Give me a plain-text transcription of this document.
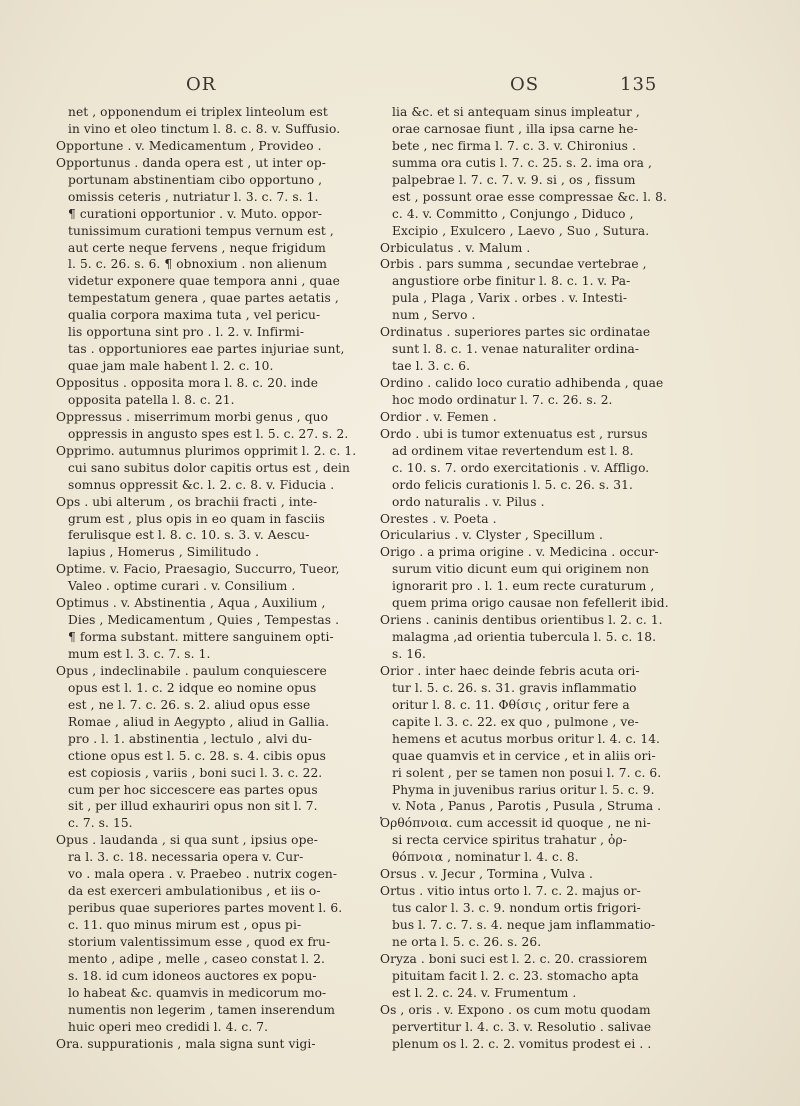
OR	OS	135
net , opponendum ei triplex linteolum est
in vino et oleo tinctum l. 8. c. 8. v. Suffusio.
Opportune . v. Medicamentum , Provideo .
Opportunus . danda opera est , ut inter op-
portunam abstinentiam cibo opportuno ,
omissis ceteris , nutriatur l. 3. c. 7. s. 1.
¶ curationi opportunior . v. Muto. oppor-
tunissimum curationi tempus vernum est ,
aut certe neque fervens , neque frigidum
l. 5. c. 26. s. 6. ¶ obnoxium . non alienum
videtur exponere quae tempora anni , quae
tempestatum genera , quae partes aetatis ,
qualia corpora maxima tuta , vel pericu-
lis opportuna sint pro . l. 2. v. Infirmi-
tas . opportuniores eae partes injuriae sunt,
quae jam male habent l. 2. c. 10.
Oppositus . opposita mora l. 8. c. 20. inde
opposita patella l. 8. c. 21.
Oppressus . miserrimum morbi genus , quo
oppressis in angusto spes est l. 5. c. 27. s. 2.
Opprimo. autumnus plurimos opprimit l. 2. c. 1.
cui sano subitus dolor capitis ortus est , dein
somnus oppressit &c. l. 2. c. 8. v. Fiducia .
Ops . ubi alterum , os brachii fracti , inte-
grum est , plus opis in eo quam in fasciis
ferulisque est l. 8. c. 10. s. 3. v. Aescu-
lapius , Homerus , Similitudo .
Optime. v. Facio, Praesagio, Succurro, Tueor,
Valeo . optime curari . v. Consilium .
Optimus . v. Abstinentia , Aqua , Auxilium ,
Dies , Medicamentum , Quies , Tempestas .
¶ forma substant. mittere sanguinem opti-
mum est l. 3. c. 7. s. 1.
Opus , indeclinabile . paulum conquiescere
opus est l. 1. c. 2 idque eo nomine opus
est , ne l. 7. c. 26. s. 2. aliud opus esse
Romae , aliud in Aegypto , aliud in Gallia.
pro . l. 1. abstinentia , lectulo , alvi du-
ctione opus est l. 5. c. 28. s. 4. cibis opus
est copiosis , variis , boni suci l. 3. c. 22.
cum per hoc siccescere eas partes opus
sit , per illud exhauriri opus non sit l. 7.
c. 7. s. 15.
Opus . laudanda , si qua sunt , ipsius ope-
ra l. 3. c. 18. necessaria opera v. Cur-
vo . mala opera . v. Praebeo . nutrix cogen-
da est exerceri ambulationibus , et iis o-
peribus quae superiores partes movent l. 6.
c. 11. quo minus mirum est , opus pi-
storium valentissimum esse , quod ex fru-
mento , adipe , melle , caseo constat l. 2.
s. 18. id cum idoneos auctores ex popu-
lo habeat &c. quamvis in medicorum mo-
numentis non legerim , tamen inserendum
huic operi meo credidi l. 4. c. 7.
Ora. suppurationis , mala signa sunt vigi-
lia &c. et si antequam sinus impleatur ,
orae carnosae fiunt , illa ipsa carne he-
bete , nec firma l. 7. c. 3. v. Chironius .
summa ora cutis l. 7. c. 25. s. 2. ima ora ,
palpebrae l. 7. c. 7. v. 9. si , os , fissum
est , possunt orae esse compressae &c. l. 8.
c. 4. v. Committo , Conjungo , Diduco ,
Excipio , Exulcero , Laevo , Suo , Sutura.
Orbiculatus . v. Malum .
Orbis . pars summa , secundae vertebrae ,
angustiore orbe finitur l. 8. c. 1. v. Pa-
pula , Plaga , Varix . orbes . v. Intesti-
num , Servo .
Ordinatus . superiores partes sic ordinatae
sunt l. 8. c. 1. venae naturaliter ordina-
tae l. 3. c. 6.
Ordino . calido loco curatio adhibenda , quae
hoc modo ordinatur l. 7. c. 26. s. 2.
Ordior . v. Femen .
Ordo . ubi is tumor extenuatus est , rursus
ad ordinem vitae revertendum est l. 8.
c. 10. s. 7. ordo exercitationis . v. Affligo.
ordo felicis curationis l. 5. c. 26. s. 31.
ordo naturalis . v. Pilus .
Orestes . v. Poeta .
Oricularius . v. Clyster , Specillum .
Origo . a prima origine . v. Medicina . occur-
surum vitio dicunt eum qui originem non
ignorarit pro . l. 1. eum recte curaturum ,
quem prima origo causae non fefellerit ibid.
Oriens . caninis dentibus orientibus l. 2. c. 1.
malagma ,ad orientia tubercula l. 5. c. 18.
s. 16.
Orior . inter haec deinde febris acuta ori-
tur l. 5. c. 26. s. 31. gravis inflammatio
oritur l. 8. c. 11. Φθίσις , oritur fere a
capite l. 3. c. 22. ex quo , pulmone , ve-
hemens et acutus morbus oritur l. 4. c. 14.
quae quamvis et in cervice , et in aliis ori-
ri solent , per se tamen non posui l. 7. c. 6.
Phyma in juvenibus rarius oritur l. 5. c. 9.
v. Nota , Panus , Parotis , Pusula , Struma .
Ὀρθόπνοια. cum accessit id quoque , ne ni-
si recta cervice spiritus trahatur , ὀρ-
θόπνοια , nominatur l. 4. c. 8.
Orsus . v. Jecur , Tormina , Vulva .
Ortus . vitio intus orto l. 7. c. 2. majus or-
tus calor l. 3. c. 9. nondum ortis frigori-
bus l. 7. c. 7. s. 4. neque jam inflammatio-
ne orta l. 5. c. 26. s. 26.
Oryza . boni suci est l. 2. c. 20. crassiorem
pituitam facit l. 2. c. 23. stomacho apta
est l. 2. c. 24. v. Frumentum .
Os , oris . v. Expono . os cum motu quodam
pervertitur l. 4. c. 3. v. Resolutio . salivae
plenum os l. 2. c. 2. vomitus prodest ei . .
